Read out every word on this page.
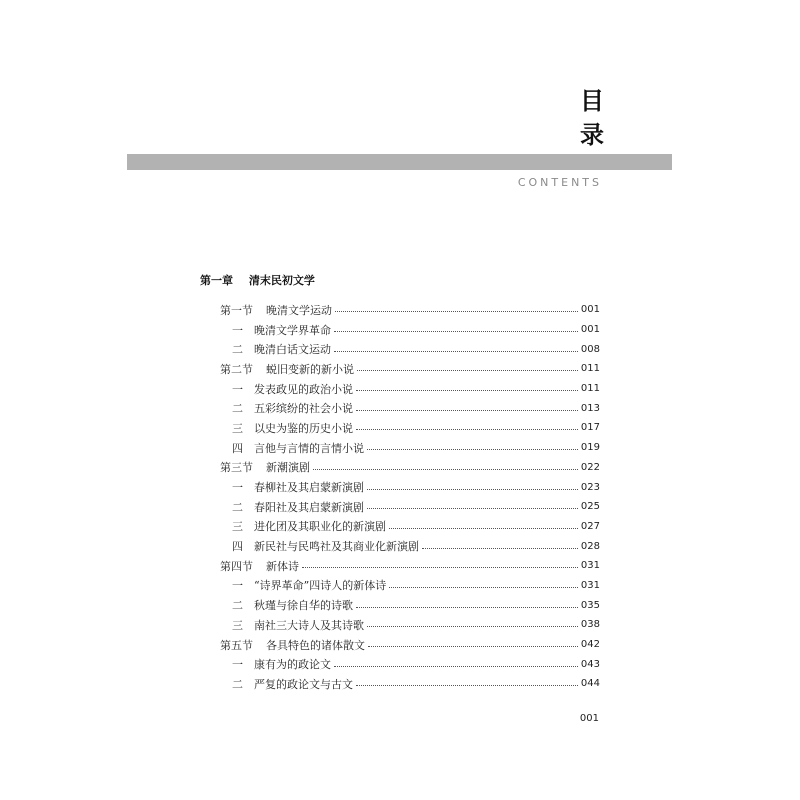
目
录
CONTENTS
第一章 清末民初文学
第一节	晚清文学运动	001
一	晚清文学界革命	001
二	晚清白话文运动	008
第二节	蜕旧变新的新小说	011
一	发表政见的政治小说	011
二	五彩缤纷的社会小说	013
三	以史为鉴的历史小说	017
四	言他与言情的言情小说	019
第三节	新潮演剧	022
一	春柳社及其启蒙新演剧	023
二	春阳社及其启蒙新演剧	025
三	进化团及其职业化的新演剧	027
四	新民社与民鸣社及其商业化新演剧	028
第四节	新体诗	031
一	“诗界革命”四诗人的新体诗	031
二	秋瑾与徐自华的诗歌	035
三	南社三大诗人及其诗歌	038
第五节	各具特色的诸体散文	042
一	康有为的政论文	043
二	严复的政论文与古文	044
001
